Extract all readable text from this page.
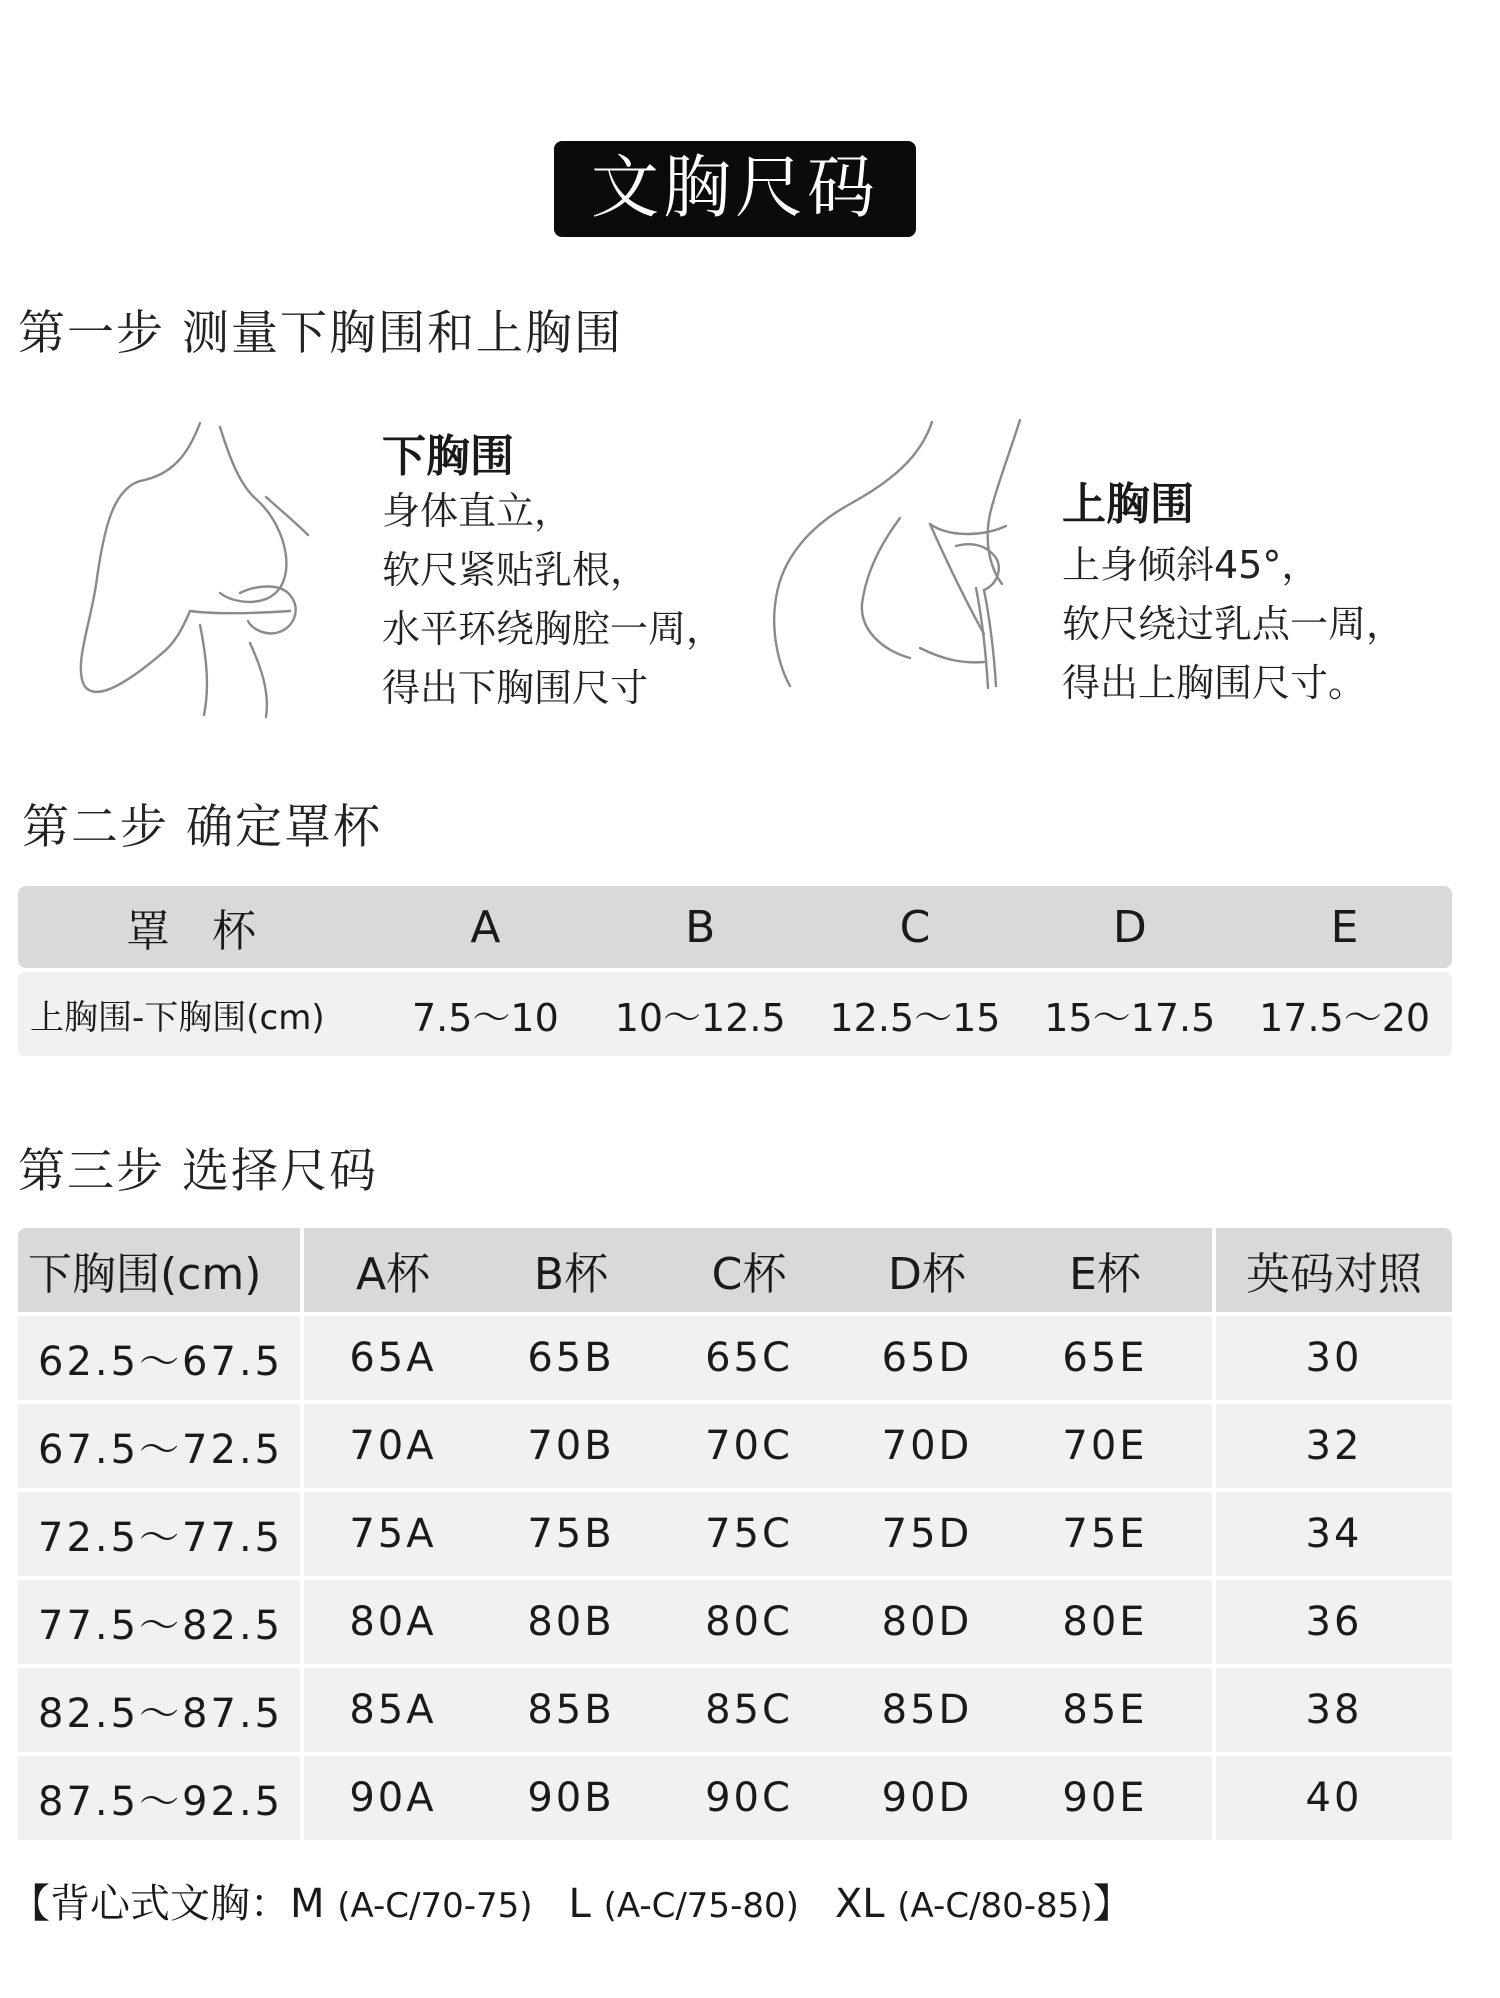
文胸尺码
第一步 测量下胸围和上胸围
下胸围
身体直立，
软尺紧贴乳根，
水平环绕胸腔一周，
得出下胸围尺寸
上胸围
上身倾斜45°，
软尺绕过乳点一周，
得出上胸围尺寸。
第二步 确定罩杯
罩 杯	A	B	C	D	E
上胸围-下胸围(cm)	7.5～10	10～12.5	12.5～15	15～17.5	17.5～20
第三步 选择尺码
下胸围(cm)	A杯	B杯	C杯	D杯	E杯	英码对照
62.5～67.5	65A	65B	65C	65D	65E	30
67.5～72.5	70A	70B	70C	70D	70E	32
72.5～77.5	75A	75B	75C	75D	75E	34
77.5～82.5	80A	80B	80C	80D	80E	36
82.5～87.5	85A	85B	85C	85D	85E	38
87.5～92.5	90A	90B	90C	90D	90E	40
【背心式文胸：M (A-C/70-75) L (A-C/75-80) XL (A-C/80-85)】
